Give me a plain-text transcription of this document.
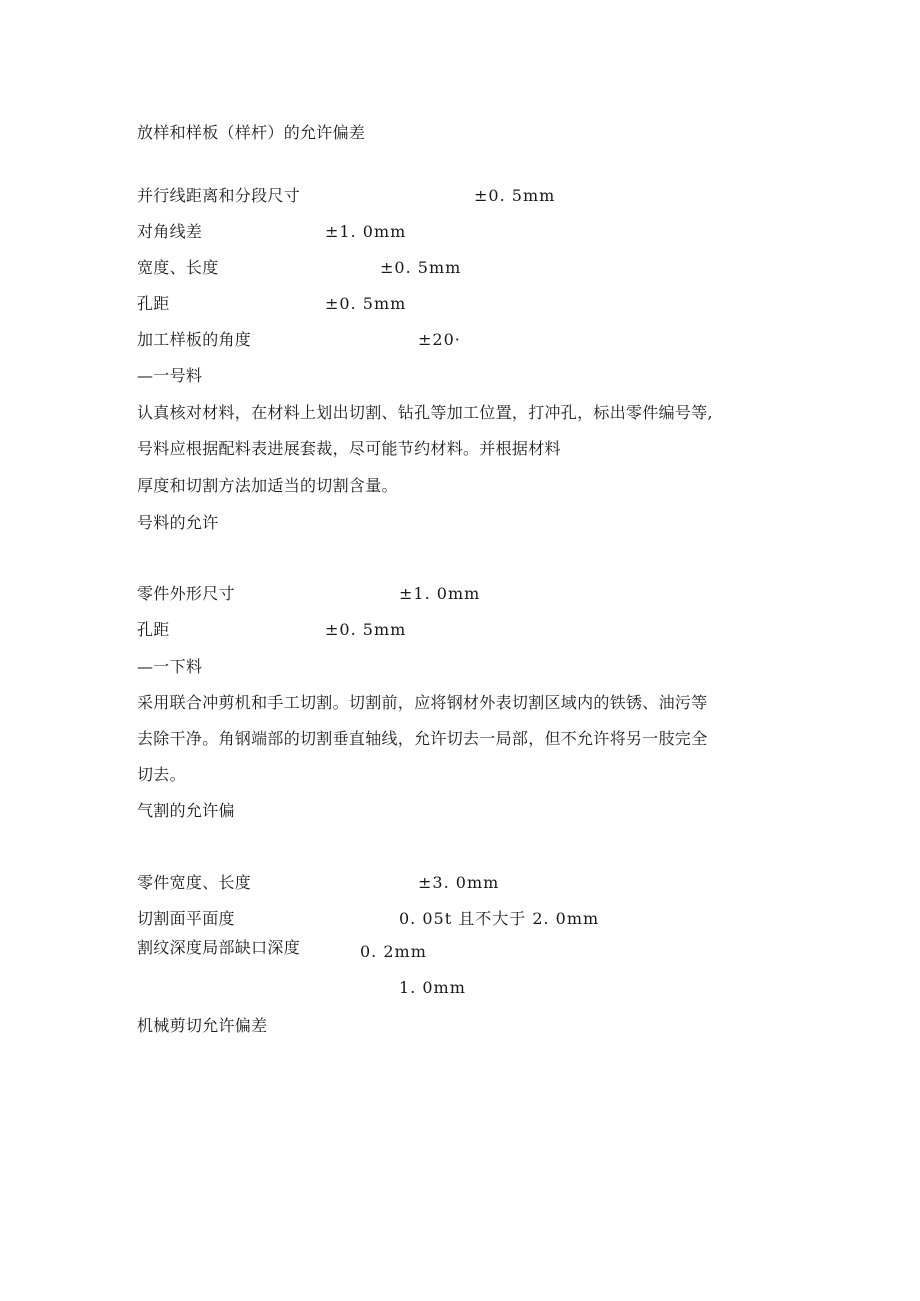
放样和样板（样杆）的允许偏差
并行线距离和分段尺寸	±0. 5mm
对角线差	±1. 0mm
宽度、长度	±0. 5mm
孔距	±0. 5mm
加工样板的角度	±20·
—一号料
认真核对材料，在材料上划出切割、钻孔等加工位置，打冲孔，标出零件编号等,
号料应根据配料表进展套裁，尽可能节约材料。并根据材料
厚度和切割方法加适当的切割含量。
号料的允许
零件外形尺寸	±1. 0mm
孔距	±0. 5mm
—一下料
采用联合冲剪机和手工切割。切割前，应将钢材外表切割区域内的铁锈、油污等
去除干净。角钢端部的切割垂直轴线，允许切去一局部，但不允许将另一肢完全
切去。
气割的允许偏
零件宽度、长度	±3. 0mm
切割面平面度	0. 05t 且不大于 2. 0mm
割纹深度局部缺口深度	0. 2mm
1. 0mm
机械剪切允许偏差
